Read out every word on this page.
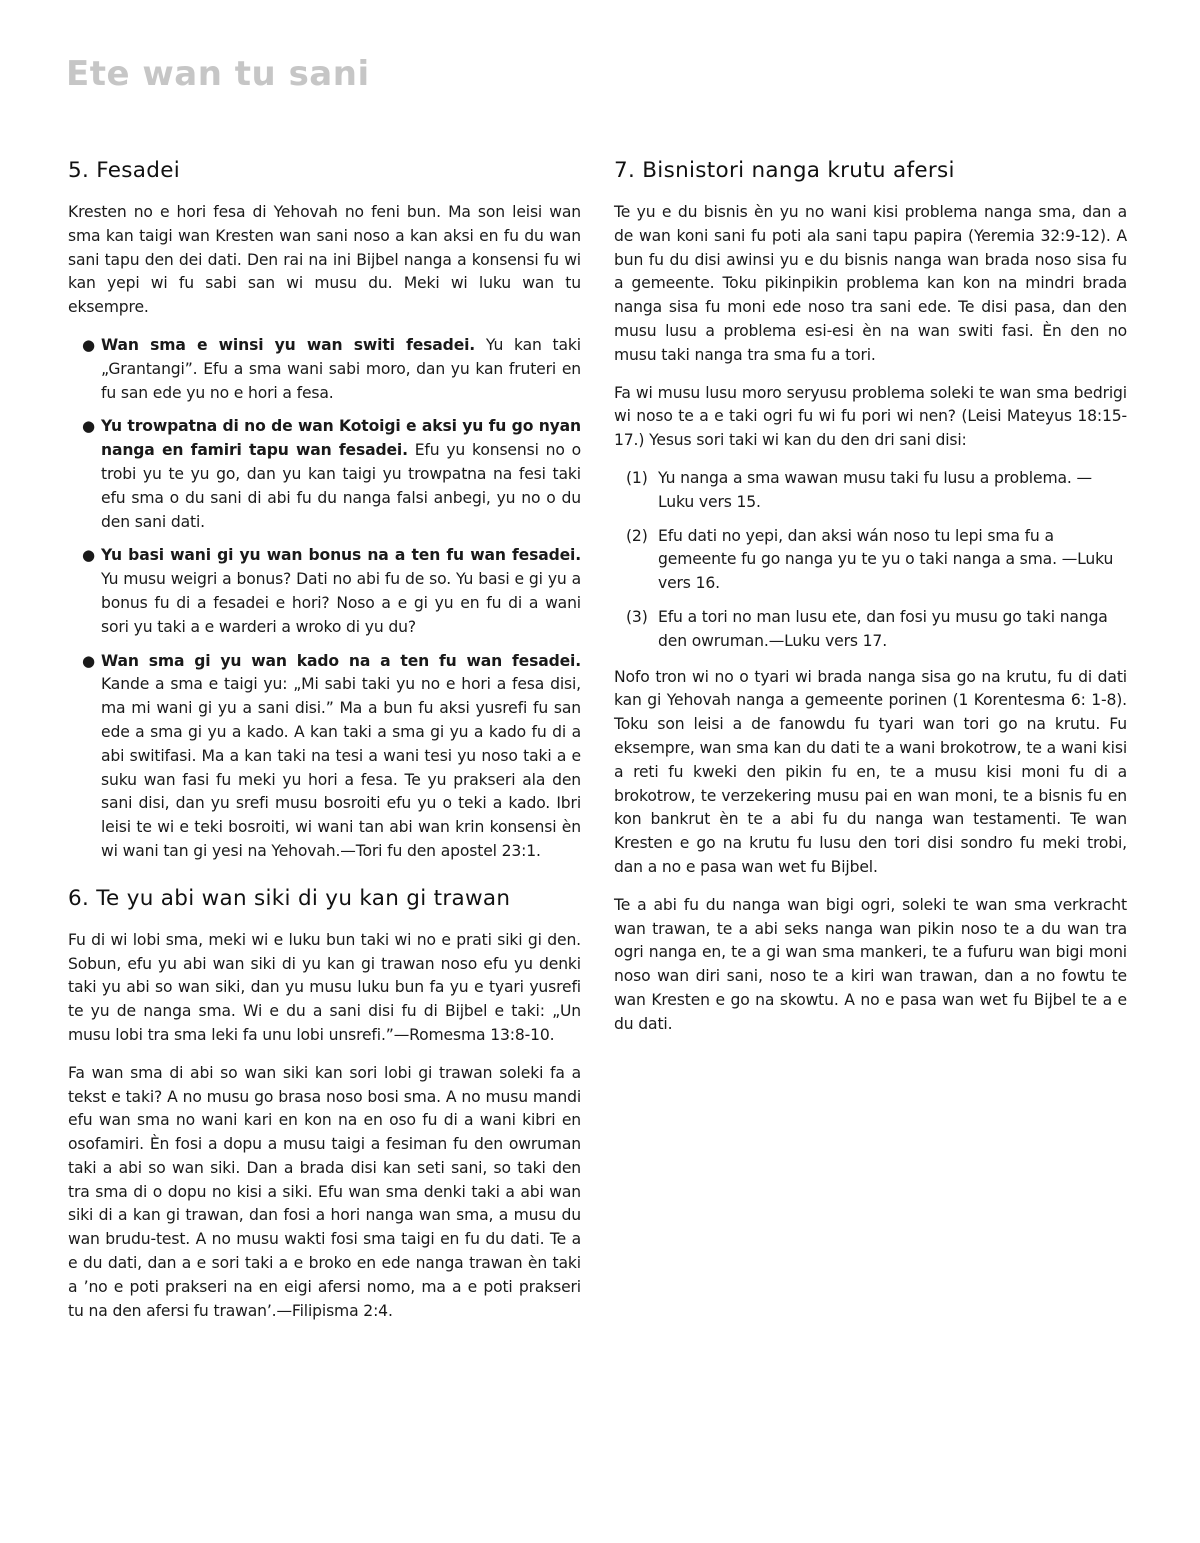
Ete wan tu sani
5. Fesadei

Kresten no e hori fesa di Yehovah no feni bun. Ma son leisi wan sma kan taigi wan Kresten wan sani noso a kan aksi en fu du wan sani tapu den dei dati. Den rai na ini Bijbel nanga a konsensi fu wi kan yepi wi fu sabi san wi musu du. Meki wi luku wan tu eksempre.

● Wan sma e winsi yu wan switi fesadei. Yu kan taki „Grantangi”. Efu a sma wani sabi moro, dan yu kan fruteri en fu san ede yu no e hori a fesa.
● Yu trowpatna di no de wan Kotoigi e aksi yu fu go nyan nanga en famiri tapu wan fesadei. Efu yu konsensi no o trobi yu te yu go, dan yu kan taigi yu trowpatna na fesi taki efu sma o du sani di abi fu du nanga falsi anbegi, yu no o du den sani dati.
● Yu basi wani gi yu wan bonus na a ten fu wan fesadei. Yu musu weigri a bonus? Dati no abi fu de so. Yu basi e gi yu a bonus fu di a fesadei e hori? Noso a e gi yu en fu di a wani sori yu taki a e warderi a wroko di yu du?
● Wan sma gi yu wan kado na a ten fu wan fesadei. Kande a sma e taigi yu: „Mi sabi taki yu no e hori a fesa disi, ma mi wani gi yu a sani disi.” Ma a bun fu aksi yusrefi fu san ede a sma gi yu a kado. A kan taki a sma gi yu a kado fu di a abi switifasi. Ma a kan taki na tesi a wani tesi yu noso taki a e suku wan fasi fu meki yu hori a fesa. Te yu prakseri ala den sani disi, dan yu srefi musu bosroiti efu yu o teki a kado. Ibri leisi te wi e teki bosroiti, wi wani tan abi wan krin konsensi èn wi wani tan gi yesi na Yehovah.—Tori fu den apostel 23:1.
6. Te yu abi wan siki di yu kan gi trawan

Fu di wi lobi sma, meki wi e luku bun taki wi no e prati siki gi den. Sobun, efu yu abi wan siki di yu kan gi trawan noso efu yu denki taki yu abi so wan siki, dan yu musu luku bun fa yu e tyari yusrefi te yu de nanga sma. Wi e du a sani disi fu di Bijbel e taki: „Un musu lobi tra sma leki fa unu lobi unsrefi.”—Romesma 13:8-10.

Fa wan sma di abi so wan siki kan sori lobi gi trawan soleki fa a tekst e taki? A no musu go brasa noso bosi sma. A no musu mandi efu wan sma no wani kari en kon na en oso fu di a wani kibri en osofamiri. Èn fosi a dopu a musu taigi a fesiman fu den owruman taki a abi so wan siki. Dan a brada disi kan seti sani, so taki den tra sma di o dopu no kisi a siki. Efu wan sma denki taki a abi wan siki di a kan gi trawan, dan fosi a hori nanga wan sma, a musu du wan brudu-test. A no musu wakti fosi sma taigi en fu du dati. Te a e du dati, dan a e sori taki a e broko en ede nanga trawan èn taki a ’no e poti prakseri na en eigi afersi nomo, ma a e poti prakseri tu na den afersi fu trawan’.—Filipisma 2:4.

7. Bisnistori nanga krutu afersi

Te yu e du bisnis èn yu no wani kisi problema nanga sma, dan a de wan koni sani fu poti ala sani tapu papira (Yeremia 32:9-12). A bun fu du disi awinsi yu e du bisnis nanga wan brada noso sisa fu a gemeente. Toku pikinpikin problema kan kon na mindri brada nanga sisa fu moni ede noso tra sani ede. Te disi pasa, dan den musu lusu a problema esi-esi èn na wan switi fasi. Èn den no musu taki nanga tra sma fu a tori.

Fa wi musu lusu moro seryusu problema soleki te wan sma bedrigi wi noso te a e taki ogri fu wi fu pori wi nen? (Leisi Mateyus 18:15-17.) Yesus sori taki wi kan du den dri sani disi:

(1) Yu nanga a sma wawan musu taki fu lusu a problema. —Luku vers 15.
(2) Efu dati no yepi, dan aksi wán noso tu lepi sma fu a gemeente fu go nanga yu te yu o taki nanga a sma. —Luku vers 16.
(3) Efu a tori no man lusu ete, dan fosi yu musu go taki nanga den owruman.—Luku vers 17.

Nofo tron wi no o tyari wi brada nanga sisa go na krutu, fu di dati kan gi Yehovah nanga a gemeente porinen (1 Korentesma 6: 1-8). Toku son leisi a de fanowdu fu tyari wan tori go na krutu. Fu eksempre, wan sma kan du dati te a wani brokotrow, te a wani kisi a reti fu kweki den pikin fu en, te a musu kisi moni fu di a brokotrow, te verzekering musu pai en wan moni, te a bisnis fu en kon bankrut èn te a abi fu du nanga wan testamenti. Te wan Kresten e go na krutu fu lusu den tori disi sondro fu meki trobi, dan a no e pasa wan wet fu Bijbel.

Te a abi fu du nanga wan bigi ogri, soleki te wan sma verkracht wan trawan, te a abi seks nanga wan pikin noso te a du wan tra ogri nanga en, te a gi wan sma mankeri, te a fufuru wan bigi moni noso wan diri sani, noso te a kiri wan trawan, dan a no fowtu te wan Kresten e go na skowtu. A no e pasa wan wet fu Bijbel te a e du dati.
